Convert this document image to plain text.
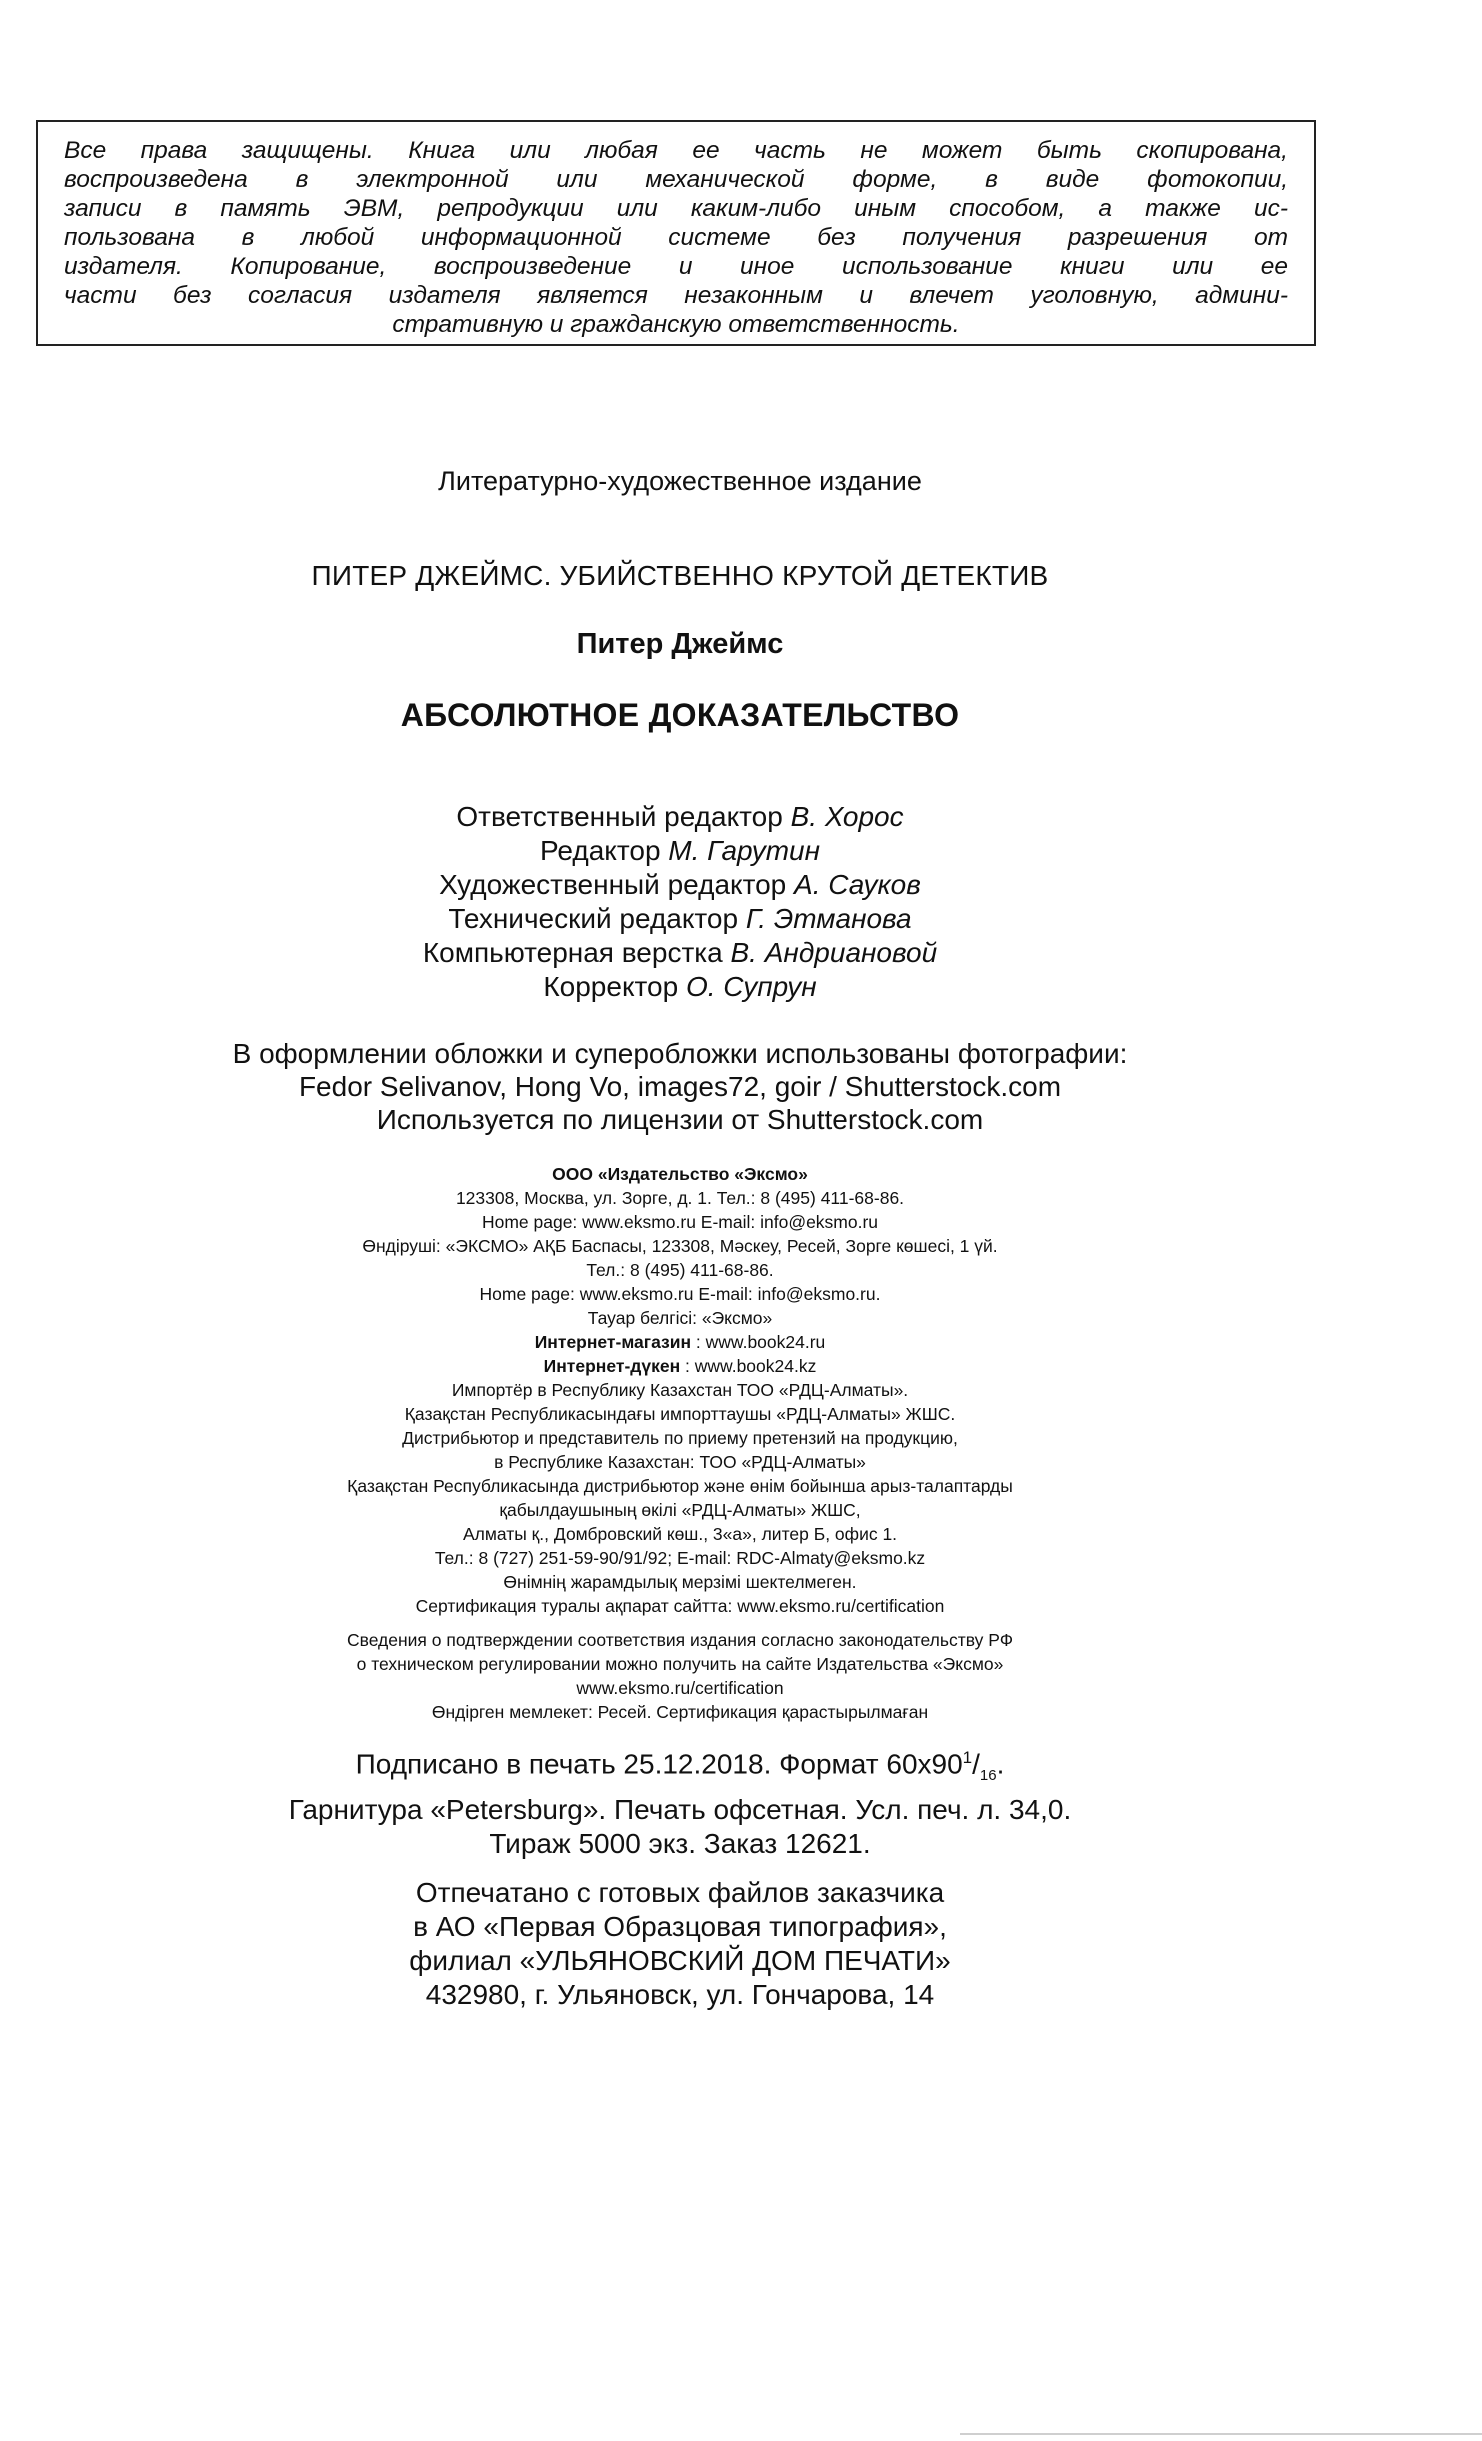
Все права защищены. Книга или любая ее часть не может быть скопирована,
воспроизведена в электронной или механической форме, в виде фотокопии,
записи в память ЭВМ, репродукции или каким-либо иным способом, а также ис-
пользована в любой информационной системе без получения разрешения от
издателя. Копирование, воспроизведение и иное использование книги или ее
части без согласия издателя является незаконным и влечет уголовную, админи-
стративную и гражданскую ответственность.
Литературно-художественное издание
ПИТЕР ДЖЕЙМС. УБИЙСТВЕННО КРУТОЙ ДЕТЕКТИВ
Питер Джеймс
АБСОЛЮТНОЕ ДОКАЗАТЕЛЬСТВО
Ответственный редактор В. Хорос
Редактор М. Гарутин
Художественный редактор А. Сауков
Технический редактор Г. Этманова
Компьютерная верстка В. Андриановой
Корректор О. Супрун
В оформлении обложки и суперобложки использованы фотографии:
Fedor Selivanov, Hong Vo, images72, goir / Shutterstock.com
Используется по лицензии от Shutterstock.com
ООО «Издательство «Эксмо»
123308, Москва, ул. Зорге, д. 1. Тел.: 8 (495) 411-68-86.
Home page: www.eksmo.ru E-mail: info@eksmo.ru
Өндіруші: «ЭКСМО» АҚБ Баспасы, 123308, Мәскеу, Ресей, Зорге көшесі, 1 үй.
Тел.: 8 (495) 411-68-86.
Home page: www.eksmo.ru E-mail: info@eksmo.ru.
Тауар белгісі: «Эксмо»
Интернет-магазин : www.book24.ru
Интернет-дүкен : www.book24.kz
Импортёр в Республику Казахстан ТОО «РДЦ-Алматы».
Қазақстан Республикасындағы импорттаушы «РДЦ-Алматы» ЖШС.
Дистрибьютор и представитель по приему претензий на продукцию,
в Республике Казахстан: ТОО «РДЦ-Алматы»
Қазақстан Республикасында дистрибьютор және өнім бойынша арыз-талаптарды
қабылдаушының өкілі «РДЦ-Алматы» ЖШС,
Алматы қ., Домбровский көш., 3«а», литер Б, офис 1.
Тел.: 8 (727) 251-59-90/91/92; E-mail: RDC-Almaty@eksmo.kz
Өнімнің жарамдылық мерзімі шектелмеген.
Сертификация туралы ақпарат сайтта: www.eksmo.ru/certification
Сведения о подтверждении соответствия издания согласно законодательству РФ
о техническом регулировании можно получить на сайте Издательства «Эксмо»
www.eksmo.ru/certification
Өндірген мемлекет: Ресей. Сертификация қарастырылмаған
Подписано в печать 25.12.2018. Формат $60х90^1/_{16}$.
Гарнитура «Petersburg». Печать офсетная. Усл. печ. л. 34,0.
Тираж 5000 экз. Заказ 12621.
Отпечатано с готовых файлов заказчика
в АО «Первая Образцовая типография»,
филиал «УЛЬЯНОВСКИЙ ДОМ ПЕЧАТИ»
432980, г. Ульяновск, ул. Гончарова, 14
